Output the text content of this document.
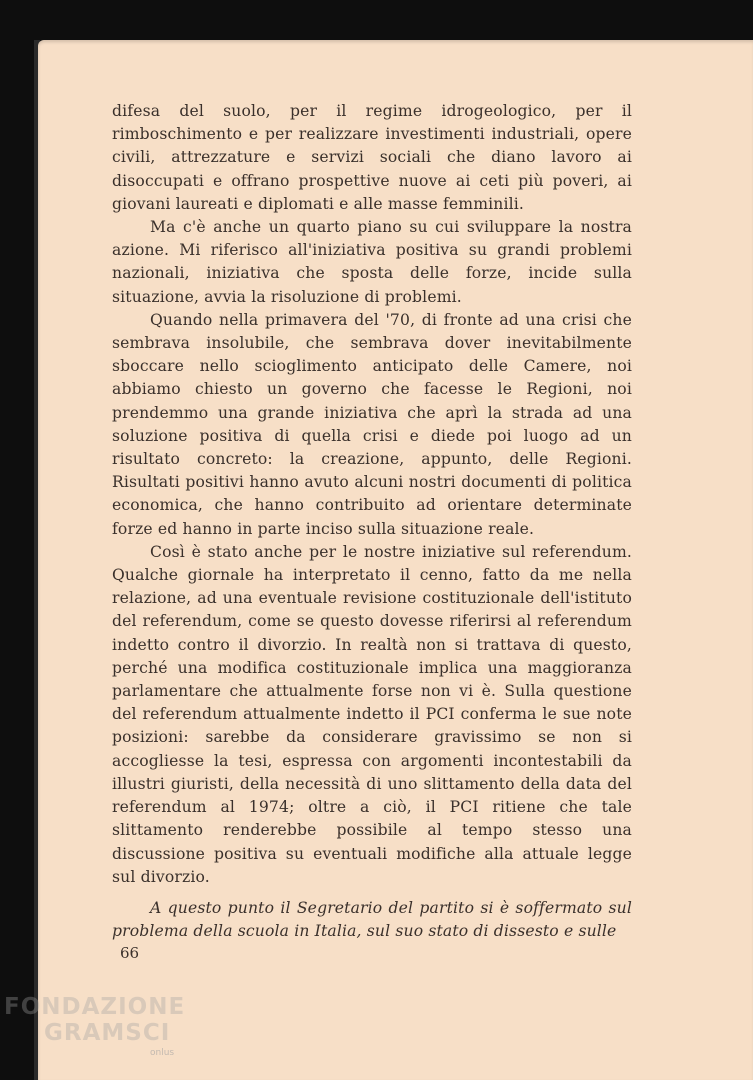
difesa del suolo, per il regime idrogeologico, per il rimboschimento e per realizzare investimenti industriali, opere civili, attrezzature e servizi sociali che diano lavoro ai disoccupati e offrano prospettive nuove ai ceti più poveri, ai giovani laureati e diplomati e alle masse femminili.

Ma c'è anche un quarto piano su cui sviluppare la nostra azione. Mi riferisco all'iniziativa positiva su grandi problemi nazionali, iniziativa che sposta delle forze, incide sulla situazione, avvia la risoluzione di problemi.

Quando nella primavera del '70, di fronte ad una crisi che sembrava insolubile, che sembrava dover inevitabilmente sboccare nello scioglimento anticipato delle Camere, noi abbiamo chiesto un governo che facesse le Regioni, noi prendemmo una grande iniziativa che aprì la strada ad una soluzione positiva di quella crisi e diede poi luogo ad un risultato concreto: la creazione, appunto, delle Regioni. Risultati positivi hanno avuto alcuni nostri documenti di politica economica, che hanno contribuito ad orientare determinate forze ed hanno in parte inciso sulla situazione reale.

Così è stato anche per le nostre iniziative sul referendum. Qualche giornale ha interpretato il cenno, fatto da me nella relazione, ad una eventuale revisione costituzionale dell'istituto del referendum, come se questo dovesse riferirsi al referendum indetto contro il divorzio. In realtà non si trattava di questo, perché una modifica costituzionale implica una maggioranza parlamentare che attualmente forse non vi è. Sulla questione del referendum attualmente indetto il PCI conferma le sue note posizioni: sarebbe da considerare gravissimo se non si accogliesse la tesi, espressa con argomenti incontestabili da illustri giuristi, della necessità di uno slittamento della data del referendum al 1974; oltre a ciò, il PCI ritiene che tale slittamento renderebbe possibile al tempo stesso una discussione positiva su eventuali modifiche alla attuale legge sul divorzio.

A questo punto il Segretario del partito si è soffermato sul problema della scuola in Italia, sul suo stato di dissesto e sulle

66
FONDAZIONE
GRAMSCI
onlus
